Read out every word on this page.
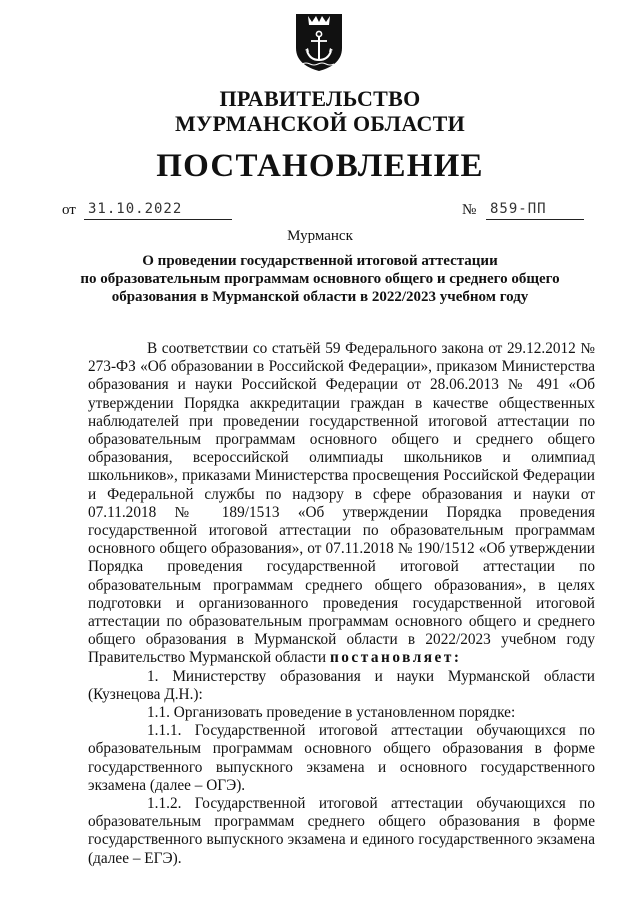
ПРАВИТЕЛЬСТВО
МУРМАНСКОЙ ОБЛАСТИ
ПОСТАНОВЛЕНИЕ
от 31.10.2022	№ 859-ПП
Мурманск
О проведении государственной итоговой аттестации
по образовательным программам основного общего и среднего общего
образования в Мурманской области в 2022/2023 учебном году

В соответствии со статьёй 59 Федерального закона от 29.12.2012 № 273-ФЗ «Об образовании в Российской Федерации», приказом Министерства образования и науки Российской Федерации от 28.06.2013 № 491 «Об утверждении Порядка аккредитации граждан в качестве общественных наблюдателей при проведении государственной итоговой аттестации по образовательным программам основного общего и среднего общего образования, всероссийской олимпиады школьников и олимпиад школьников», приказами Министерства просвещения Российской Федерации и Федеральной службы по надзору в сфере образования и науки от 07.11.2018 № 189/1513 «Об утверждении Порядка проведения государственной итоговой аттестации по образовательным программам основного общего образования», от 07.11.2018 № 190/1512 «Об утверждении Порядка проведения государственной итоговой аттестации по образовательным программам среднего общего образования», в целях подготовки и организованного проведения государственной итоговой аттестации по образовательным программам основного общего и среднего общего образования в Мурманской области в 2022/2023 учебном году Правительство Мурманской области постановляет:

1. Министерству образования и науки Мурманской области (Кузнецова Д.Н.):

1.1. Организовать проведение в установленном порядке:

1.1.1. Государственной итоговой аттестации обучающихся по образовательным программам основного общего образования в форме государственного выпускного экзамена и основного государственного экзамена (далее – ОГЭ).

1.1.2. Государственной итоговой аттестации обучающихся по образовательным программам среднего общего образования в форме государственного выпускного экзамена и единого государственного экзамена (далее – ЕГЭ).
